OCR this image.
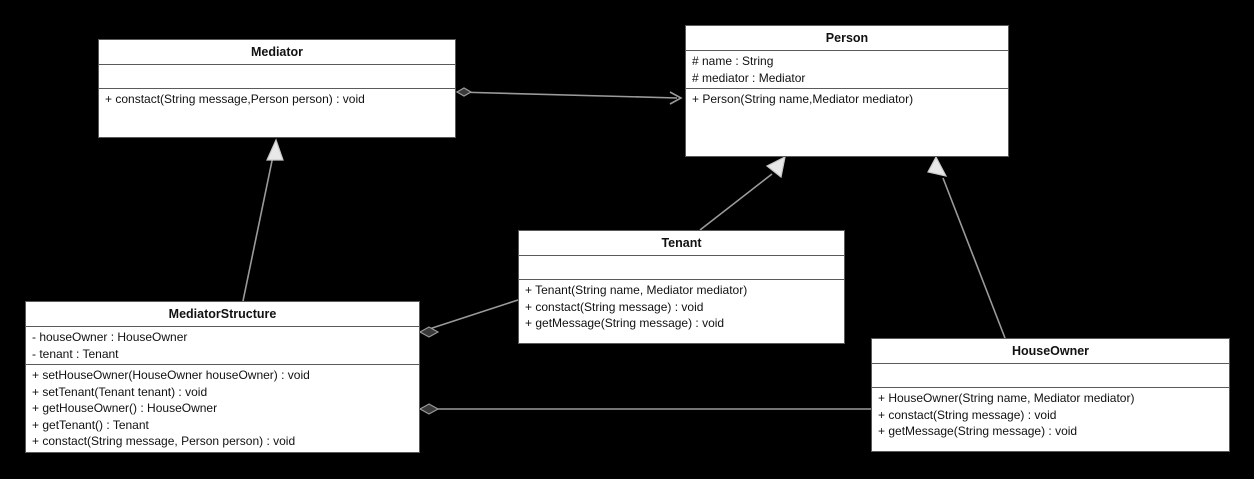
Mediator
+ constact(String message,Person person) : void
Person
# name : String
# mediator : Mediator
+ Person(String name,Mediator mediator)
Tenant
+ Tenant(String name, Mediator mediator)
+ constact(String message) : void
+ getMessage(String message) : void
HouseOwner
+ HouseOwner(String name, Mediator mediator)
+ constact(String message) : void
+ getMessage(String message) : void
MediatorStructure
- houseOwner : HouseOwner
- tenant : Tenant
+ setHouseOwner(HouseOwner houseOwner) : void
+ setTenant(Tenant tenant) : void
+ getHouseOwner() : HouseOwner
+ getTenant() : Tenant
+ constact(String message, Person person) : void
